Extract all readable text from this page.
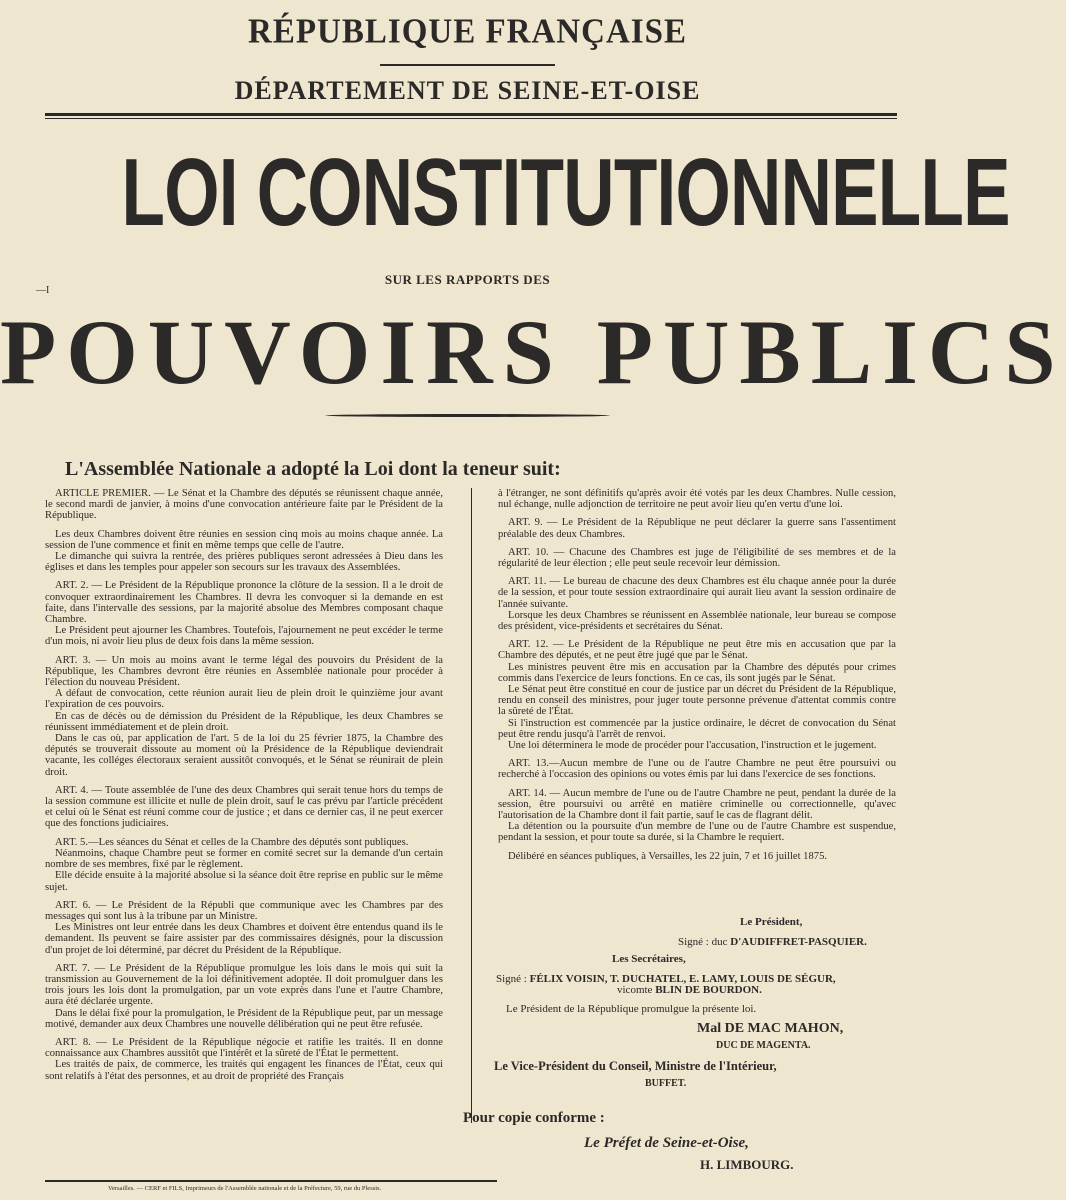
RÉPUBLIQUE FRANÇAISE
DÉPARTEMENT DE SEINE-ET-OISE
LOI CONSTITUTIONNELLE
SUR LES RAPPORTS DES
—I
POUVOIRS PUBLICS
L'Assemblée Nationale a adopté la Loi dont la teneur suit:

ARTICLE PREMIER. — Le Sénat et la Chambre des députés se réunissent chaque année, le second mardi de janvier, à moins d'une convocation antérieure faite par le Président de la République.

Les deux Chambres doivent être réunies en session cinq mois au moins chaque année. La session de l'une commence et finit en même temps que celle de l'autre.

Le dimanche qui suivra la rentrée, des prières publiques seront adressées à Dieu dans les églises et dans les temples pour appeler son secours sur les travaux des Assemblées.

ART. 2. — Le Président de la République prononce la clôture de la session. Il a le droit de convoquer extraordinairement les Chambres. Il devra les convoquer si la demande en est faite, dans l'intervalle des sessions, par la majorité absolue des Membres composant chaque Chambre.

Le Président peut ajourner les Chambres. Toutefois, l'ajournement ne peut excéder le terme d'un mois, ni avoir lieu plus de deux fois dans la même session.

ART. 3. — Un mois au moins avant le terme légal des pouvoirs du Président de la République, les Chambres devront être réunies en Assemblée nationale pour procéder à l'élection du nouveau Président.

A défaut de convocation, cette réunion aurait lieu de plein droit le quinzième jour avant l'expiration de ces pouvoirs.

En cas de décès ou de démission du Président de la République, les deux Chambres se réunissent immédiatement et de plein droit.

Dans le cas où, par application de l'art. 5 de la loi du 25 février 1875, la Chambre des députés se trouverait dissoute au moment où la Présidence de la République deviendrait vacante, les colléges électoraux seraient aussitôt convoqués, et le Sénat se réunirait de plein droit.

ART. 4. — Toute assemblée de l'une des deux Chambres qui serait tenue hors du temps de la session commune est illicite et nulle de plein droit, sauf le cas prévu par l'article précédent et celui où le Sénat est réuni comme cour de justice ; et dans ce dernier cas, il ne peut exercer que des fonctions judiciaires.

ART. 5.—Les séances du Sénat et celles de la Chambre des députés sont publiques.

Néanmoins, chaque Chambre peut se former en comité secret sur la demande d'un certain nombre de ses membres, fixé par le règlement.

Elle décide ensuite à la majorité absolue si la séance doit être reprise en public sur le même sujet.

ART. 6. — Le Président de la Républi que communique avec les Chambres par des messages qui sont lus à la tribune par un Ministre.

Les Ministres ont leur entrée dans les deux Chambres et doivent être entendus quand ils le demandent. Ils peuvent se faire assister par des commissaires désignés, pour la discussion d'un projet de loi déterminé, par décret du Président de la République.

ART. 7. — Le Président de la République promulgue les lois dans le mois qui suit la transmission au Gouvernement de la loi définitivement adoptée. Il doit promulguer dans les trois jours les lois dont la promulgation, par un vote exprès dans l'une et l'autre Chambre, aura été déclarée urgente.

Dans le délai fixé pour la promulgation, le Président de la République peut, par un message motivé, demander aux deux Chambres une nouvelle délibération qui ne peut être refusée.

ART. 8. — Le Président de la République négocie et ratifie les traités. Il en donne connaissance aux Chambres aussitôt que l'intérêt et la sûreté de l'État le permettent.

Les traités de paix, de commerce, les traités qui engagent les finances de l'État, ceux qui sont relatifs à l'état des personnes, et au droit de propriété des Français

à l'étranger, ne sont définitifs qu'après avoir été votés par les deux Chambres. Nulle cession, nul échange, nulle adjonction de territoire ne peut avoir lieu qu'en vertu d'une loi.

ART. 9. — Le Président de la République ne peut déclarer la guerre sans l'assentiment préalable des deux Chambres.

ART. 10. — Chacune des Chambres est juge de l'éligibilité de ses membres et de la régularité de leur élection ; elle peut seule recevoir leur démission.

ART. 11. — Le bureau de chacune des deux Chambres est élu chaque année pour la durée de la session, et pour toute session extraordinaire qui aurait lieu avant la session ordinaire de l'année suivante.

Lorsque les deux Chambres se réunissent en Assemblée nationale, leur bureau se compose des président, vice-présidents et secrétaires du Sénat.

ART. 12. — Le Président de la République ne peut être mis en accusation que par la Chambre des députés, et ne peut être jugé que par le Sénat.

Les ministres peuvent être mis en accusation par la Chambre des députés pour crimes commis dans l'exercice de leurs fonctions. En ce cas, ils sont jugés par le Sénat.

Le Sénat peut être constitué en cour de justice par un décret du Président de la République, rendu en conseil des ministres, pour juger toute personne prévenue d'attentat commis contre la sûreté de l'État.

Si l'instruction est commencée par la justice ordinaire, le décret de convocation du Sénat peut être rendu jusqu'à l'arrêt de renvoi.

Une loi déterminera le mode de procéder pour l'accusation, l'instruction et le jugement.

ART. 13.—Aucun membre de l'une ou de l'autre Chambre ne peut être poursuivi ou recherché à l'occasion des opinions ou votes émis par lui dans l'exercice de ses fonctions.

ART. 14. — Aucun membre de l'une ou de l'autre Chambre ne peut, pendant la durée de la session, être poursuivi ou arrêté en matière criminelle ou correctionnelle, qu'avec l'autorisation de la Chambre dont il fait partie, sauf le cas de flagrant délit.

La détention ou la poursuite d'un membre de l'une ou de l'autre Chambre est suspendue, pendant la session, et pour toute sa durée, si la Chambre le requiert.

Délibéré en séances publiques, à Versailles, les 22 juin, 7 et 16 juillet 1875.

Le Président,
Signé : duc D'AUDIFFRET-PASQUIER.
Les Secrétaires,
Signé : FÉLIX VOISIN, T. DUCHATEL, E. LAMY, LOUIS DE SÉGUR,
vicomte BLIN DE BOURDON.
Le Président de la République promulgue la présente loi.
Mal DE MAC MAHON,
DUC DE MAGENTA.
Le Vice-Président du Conseil, Ministre de l'Intérieur,
BUFFET.
Pour copie conforme :
Le Préfet de Seine-et-Oise,
H. LIMBOURG.
Versailles. — CERF et FILS, Imprimeurs de l'Assemblée nationale et de la Préfecture, 59, rue du Plessis.
